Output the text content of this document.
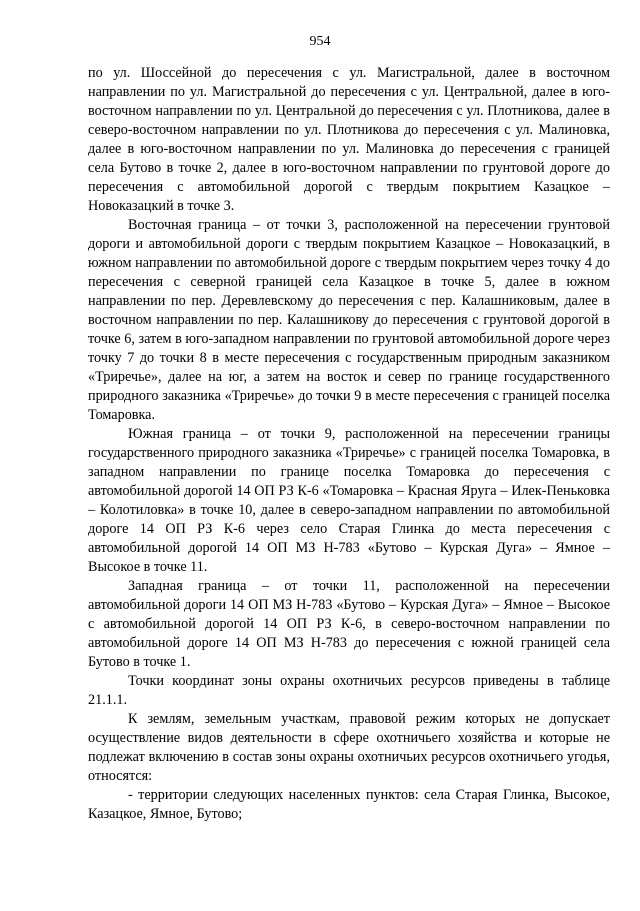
954

по ул. Шоссейной до пересечения с ул. Магистральной, далее в восточном направлении по ул. Магистральной до пересечения с ул. Центральной, далее в юго-восточном направлении по ул. Центральной до пересечения с ул. Плотникова, далее в северо-восточном направлении по ул. Плотникова до пересечения с ул. Малиновка, далее в юго-восточном направлении по ул. Малиновка до пересечения с границей села Бутово в точке 2, далее в юго-восточном направлении по грунтовой дороге до пересечения с автомобильной дорогой с твердым покрытием Казацкое – Новоказацкий в точке 3.

Восточная граница – от точки 3, расположенной на пересечении грунтовой дороги и автомобильной дороги с твердым покрытием Казацкое – Новоказацкий, в южном направлении по автомобильной дороге с твердым покрытием через точку 4 до пересечения с северной границей села Казацкое в точке 5, далее в южном направлении по пер. Деревлевскому до пересечения с пер. Калашниковым, далее в восточном направлении по пер. Калашникову до пересечения с грунтовой дорогой в точке 6, затем в юго-западном направлении по грунтовой автомобильной дороге через точку 7 до точки 8 в месте пересечения с государственным природным заказником «Триречье», далее на юг, а затем на восток и север по границе государственного природного заказника «Триречье» до точки 9 в месте пересечения с границей поселка Томаровка.

Южная граница – от точки 9, расположенной на пересечении границы государственного природного заказника «Триречье» с границей поселка Томаровка, в западном направлении по границе поселка Томаровка до пересечения с автомобильной дорогой 14 ОП РЗ К-6 «Томаровка – Красная Яруга – Илек-Пеньковка – Колотиловка» в точке 10, далее в северо-западном направлении по автомобильной дороге 14 ОП РЗ К-6 через село Старая Глинка до места пересечения с автомобильной дорогой 14 ОП МЗ Н-783 «Бутово – Курская Дуга» – Ямное – Высокое в точке 11.

Западная граница – от точки 11, расположенной на пересечении автомобильной дороги 14 ОП МЗ Н-783 «Бутово – Курская Дуга» – Ямное – Высокое с автомобильной дорогой 14 ОП РЗ К-6, в северо-восточном направлении по автомобильной дороге 14 ОП МЗ Н-783 до пересечения с южной границей села Бутово в точке 1.

Точки координат зоны охраны охотничьих ресурсов приведены в таблице 21.1.1.

К землям, земельным участкам, правовой режим которых не допускает осуществление видов деятельности в сфере охотничьего хозяйства и которые не подлежат включению в состав зоны охраны охотничьих ресурсов охотничьего угодья, относятся:

- территории следующих населенных пунктов: села Старая Глинка, Высокое, Казацкое, Ямное, Бутово;
